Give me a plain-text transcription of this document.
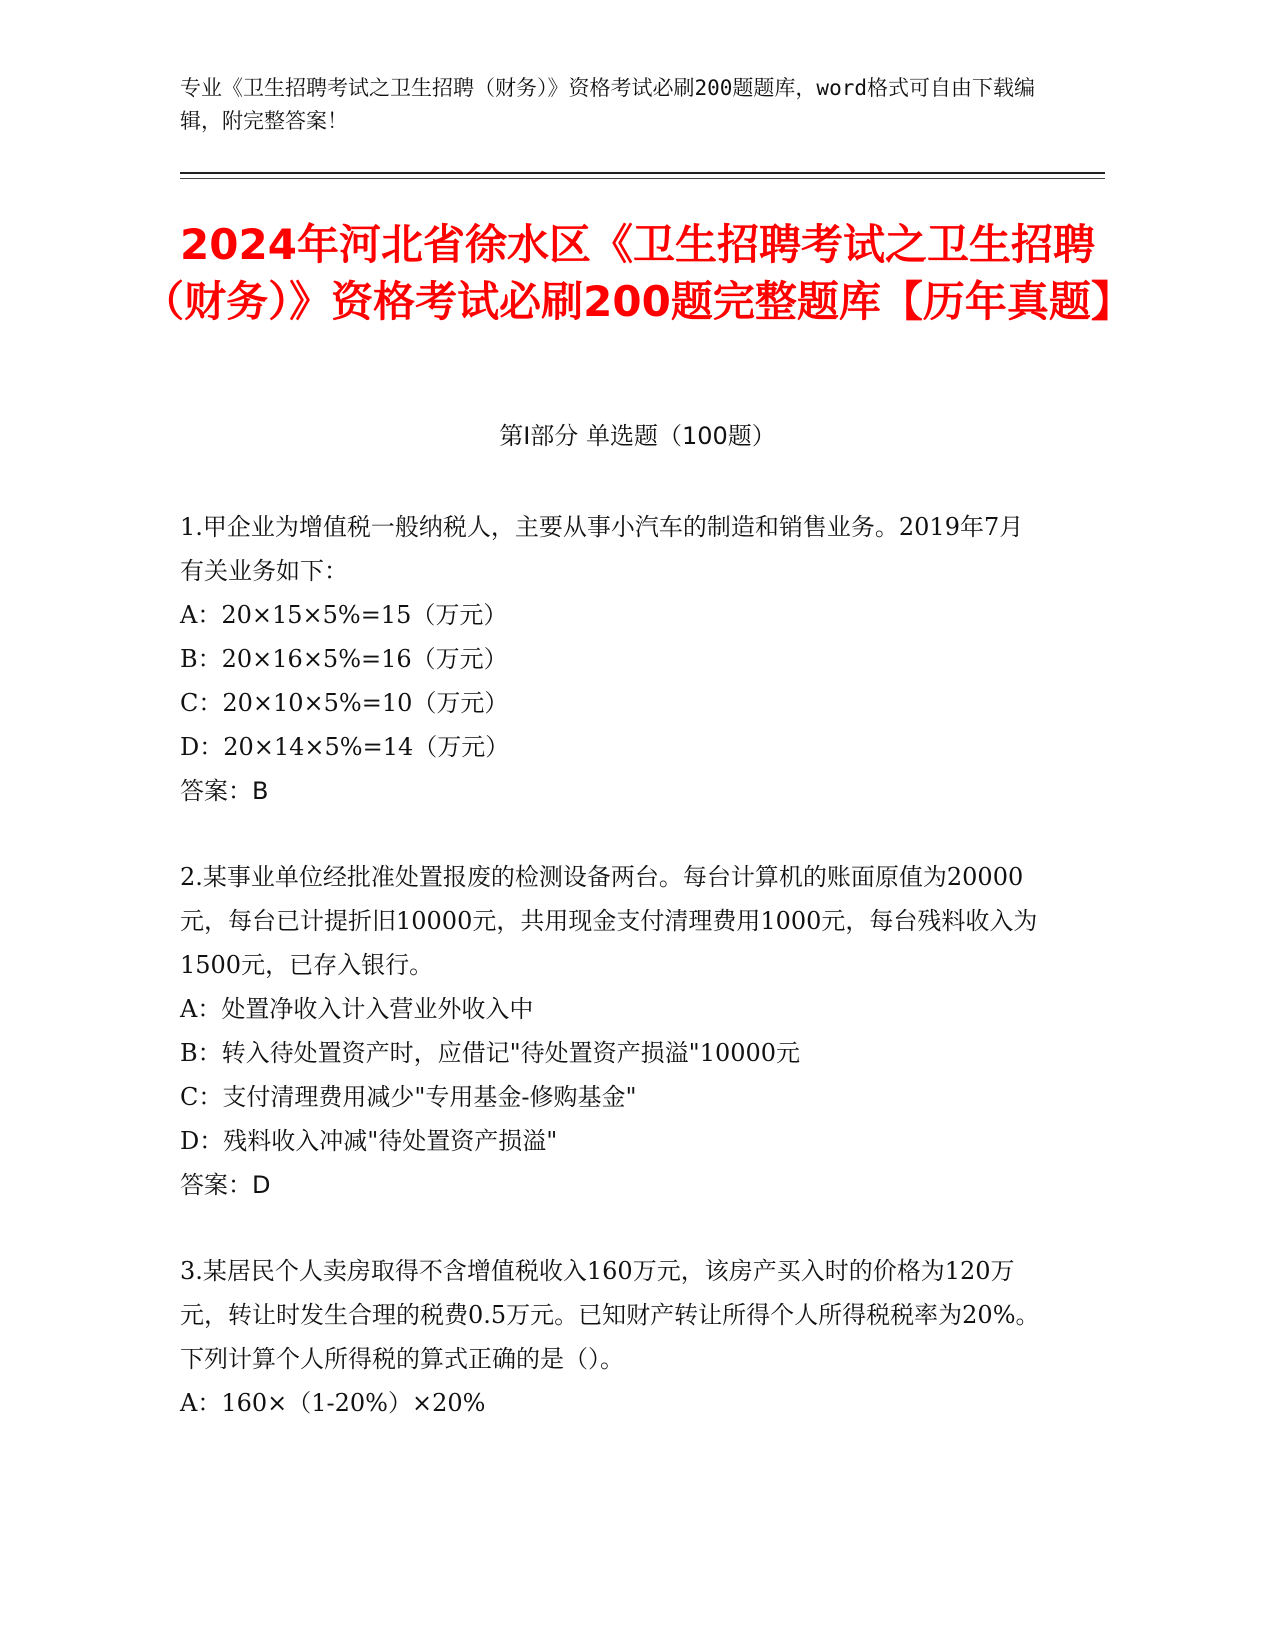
专业《卫生招聘考试之卫生招聘（财务）》资格考试必刷200题题库，word格式可自由下载编辑，附完整答案！
2024年河北省徐水区《卫生招聘考试之卫生招聘（财务）》资格考试必刷200题完整题库【历年真题】
第I部分 单选题（100题）
1.甲企业为增值税一般纳税人，主要从事小汽车的制造和销售业务。2019年7月有关业务如下：
A：20×15×5%=15（万元）
B：20×16×5%=16（万元）
C：20×10×5%=10（万元）
D：20×14×5%=14（万元）
答案：B
2.某事业单位经批准处置报废的检测设备两台。每台计算机的账面原值为20000元，每台已计提折旧10000元，共用现金支付清理费用1000元，每台残料收入为1500元，已存入银行。
A：处置净收入计入营业外收入中
B：转入待处置资产时，应借记"待处置资产损溢"10000元
C：支付清理费用减少"专用基金-修购基金"
D：残料收入冲减"待处置资产损溢"
答案：D
3.某居民个人卖房取得不含增值税收入160万元，该房产买入时的价格为120万元，转让时发生合理的税费0.5万元。已知财产转让所得个人所得税税率为20%。下列计算个人所得税的算式正确的是（）。
A：160×（1-20%）×20%
